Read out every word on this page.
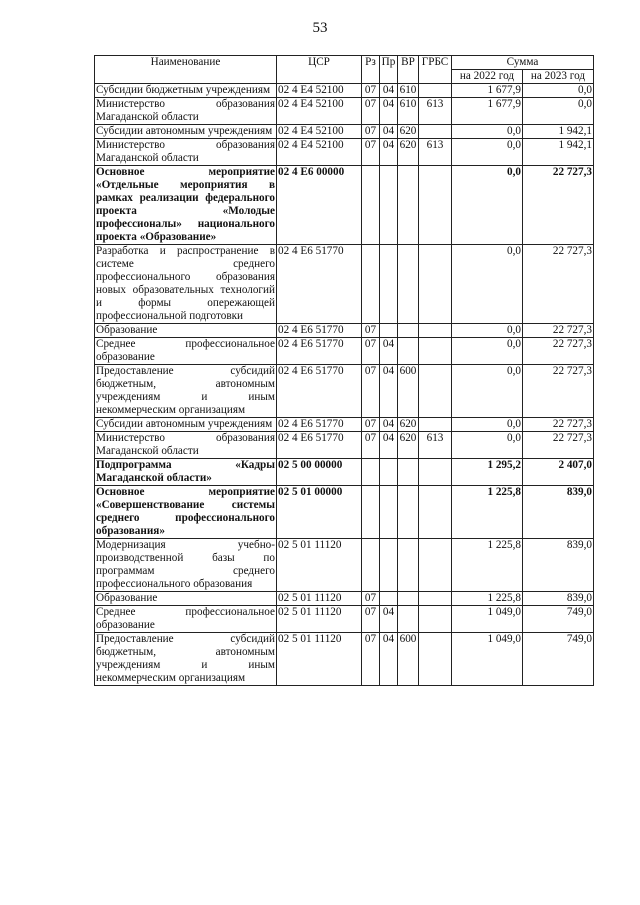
53
Наименование	ЦСР	Рз	Пр	ВР	ГРБС	Сумма	
						на 2022 год	на 2023 год
Субсидии бюджетным учреждениям	02 4 E4 52100	07	04	610		1 677,9	0,0
Министерство образования Магаданской области	02 4 E4 52100	07	04	610	613	1 677,9	0,0
Субсидии автономным учреждениям	02 4 E4 52100	07	04	620		0,0	1 942,1
Министерство образования Магаданской области	02 4 E4 52100	07	04	620	613	0,0	1 942,1
Основное мероприятие «Отдельные мероприятия в рамках реализации федерального проекта «Молодые профессионалы» национального проекта «Образование»	02 4 E6 00000					0,0	22 727,3
Разработка и распространение в системе среднего профессионального образования новых образовательных технологий и формы опережающей профессиональной подготовки	02 4 E6 51770					0,0	22 727,3
Образование	02 4 E6 51770	07				0,0	22 727,3
Среднее профессиональное образование	02 4 E6 51770	07	04			0,0	22 727,3
Предоставление субсидий бюджетным, автономным учреждениям и иным некоммерческим организациям	02 4 E6 51770	07	04	600		0,0	22 727,3
Субсидии автономным учреждениям	02 4 E6 51770	07	04	620		0,0	22 727,3
Министерство образования Магаданской области	02 4 E6 51770	07	04	620	613	0,0	22 727,3
Подпрограмма «Кадры Магаданской области»	02 5 00 00000					1 295,2	2 407,0
Основное мероприятие «Совершенствование системы среднего профессионального образования»	02 5 01 00000					1 225,8	839,0
Модернизация учебно-производственной базы по программам среднего профессионального образования	02 5 01 11120					1 225,8	839,0
Образование	02 5 01 11120	07				1 225,8	839,0
Среднее профессиональное образование	02 5 01 11120	07	04			1 049,0	749,0
Предоставление субсидий бюджетным, автономным учреждениям и иным некоммерческим организациям	02 5 01 11120	07	04	600		1 049,0	749,0
